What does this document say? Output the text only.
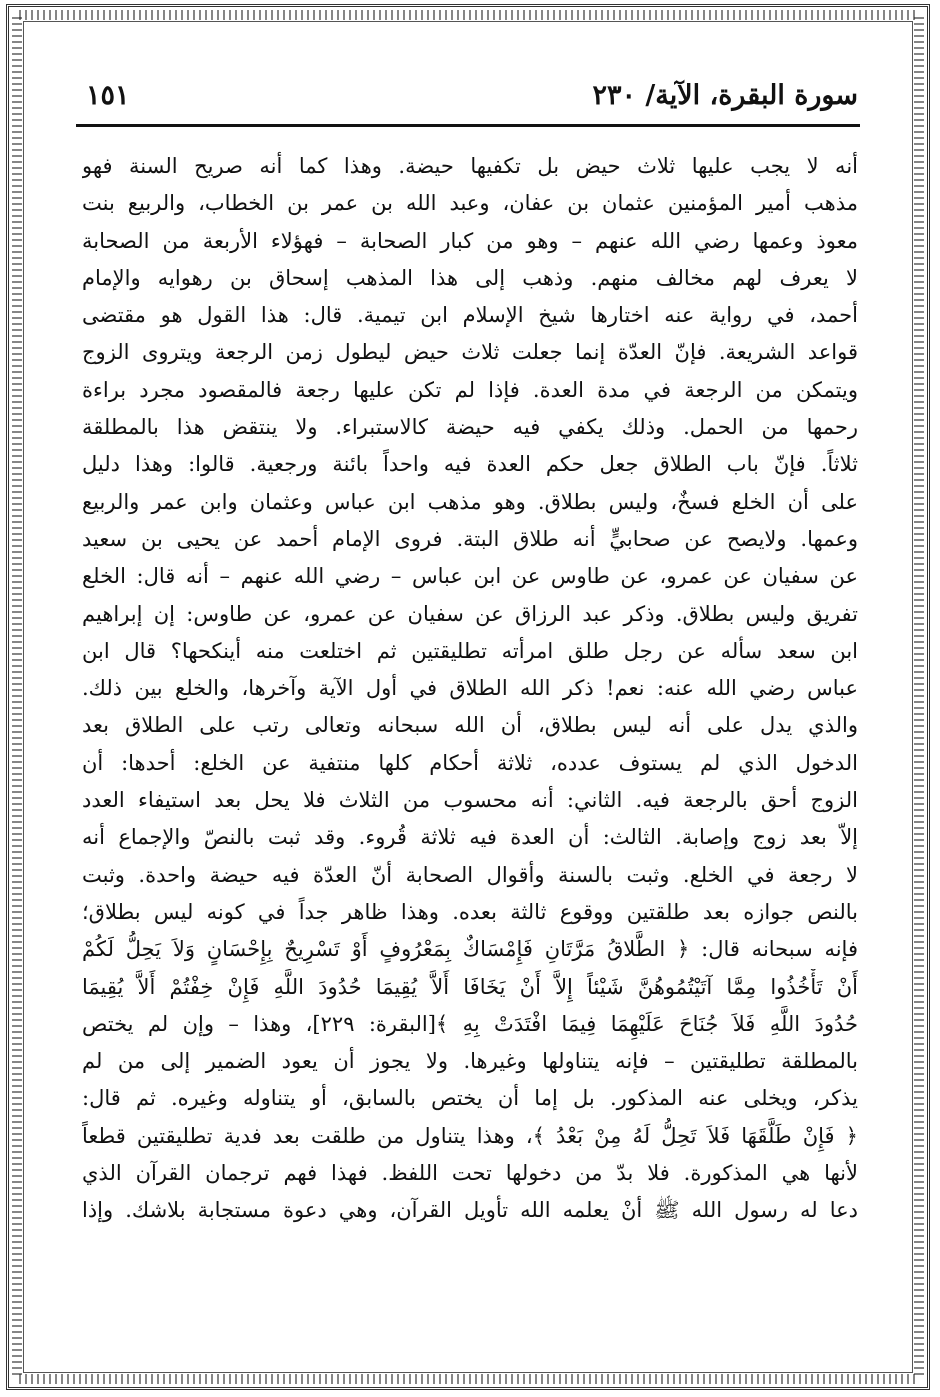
سورة البقرة، الآية/ ٢٣٠
١٥١
أنه لا يجب عليها ثلاث حيض بل تكفيها حيضة. وهذا كما أنه صريح السنة فهو
مذهب أمير المؤمنين عثمان بن عفان، وعبد الله بن عمر بن الخطاب، والربيع بنت
معوذ وعمها رضي الله عنهم – وهو من كبار الصحابة – فهؤلاء الأربعة من الصحابة
لا يعرف لهم مخالف منهم. وذهب إلى هذا المذهب إسحاق بن رهوايه والإمام
أحمد، في رواية عنه اختارها شيخ الإسلام ابن تيمية. قال: هذا القول هو مقتضى
قواعد الشريعة. فإنّ العدّة إنما جعلت ثلاث حيض ليطول زمن الرجعة ويتروى الزوج
ويتمكن من الرجعة في مدة العدة. فإذا لم تكن عليها رجعة فالمقصود مجرد براءة
رحمها من الحمل. وذلك يكفي فيه حيضة كالاستبراء. ولا ينتقض هذا بالمطلقة
ثلاثاً. فإنّ باب الطلاق جعل حكم العدة فيه واحداً بائنة ورجعية. قالوا: وهذا دليل
على أن الخلع فسخٌ، وليس بطلاق. وهو مذهب ابن عباس وعثمان وابن عمر والربيع
وعمها. ولايصح عن صحابيٍّ أنه طلاق البتة. فروى الإمام أحمد عن يحيى بن سعيد
عن سفيان عن عمرو، عن طاوس عن ابن عباس – رضي الله عنهم – أنه قال: الخلع
تفريق وليس بطلاق. وذكر عبد الرزاق عن سفيان عن عمرو، عن طاوس: إن إبراهيم
ابن سعد سأله عن رجل طلق امرأته تطليقتين ثم اختلعت منه أينكحها؟ قال ابن
عباس رضي الله عنه: نعم! ذكر الله الطلاق في أول الآية وآخرها، والخلع بين ذلك.
والذي يدل على أنه ليس بطلاق، أن الله سبحانه وتعالى رتب على الطلاق بعد
الدخول الذي لم يستوف عدده، ثلاثة أحكام كلها منتفية عن الخلع: أحدها: أن
الزوج أحق بالرجعة فيه. الثاني: أنه محسوب من الثلاث فلا يحل بعد استيفاء العدد
إلاّ بعد زوج وإصابة. الثالث: أن العدة فيه ثلاثة قُروء. وقد ثبت بالنصّ والإجماع أنه
لا رجعة في الخلع. وثبت بالسنة وأقوال الصحابة أنّ العدّة فيه حيضة واحدة. وثبت
بالنص جوازه بعد طلقتين ووقوع ثالثة بعده. وهذا ظاهر جداً في كونه ليس بطلاق؛
فإنه سبحانه قال: ﴿ الطَّلاقُ مَرَّتَانِ فَإِمْسَاكٌ بِمَعْرُوفٍ أَوْ تَسْرِيحٌ بِإِحْسَانٍ وَلاَ يَحِلُّ لَكُمْ
أَنْ تَأْخُذُوا مِمَّا آتَيْتُمُوهُنَّ شَيْئاً إِلاَّ أَنْ يَخَافَا أَلاَّ يُقِيمَا حُدُودَ اللَّهِ فَإِنْ خِفْتُمْ أَلاَّ يُقِيمَا
حُدُودَ اللَّهِ فَلاَ جُنَاحَ عَلَيْهِمَا فِيمَا افْتَدَتْ بِهِ ﴾[البقرة: ٢٢٩]، وهذا – وإن لم يختص
بالمطلقة تطليقتين – فإنه يتناولها وغيرها. ولا يجوز أن يعود الضمير إلى من لم
يذكر، ويخلى عنه المذكور. بل إما أن يختص بالسابق، أو يتناوله وغيره. ثم قال:
﴿ فَإِنْ طَلَّقَهَا فَلاَ تَحِلُّ لَهُ مِنْ بَعْدُ ﴾، وهذا يتناول من طلقت بعد فدية تطليقتين قطعاً
لأنها هي المذكورة. فلا بدّ من دخولها تحت اللفظ. فهذا فهم ترجمان القرآن الذي
دعا له رسول الله ﷺ أنْ يعلمه الله تأويل القرآن، وهي دعوة مستجابة بلاشك. وإذا
